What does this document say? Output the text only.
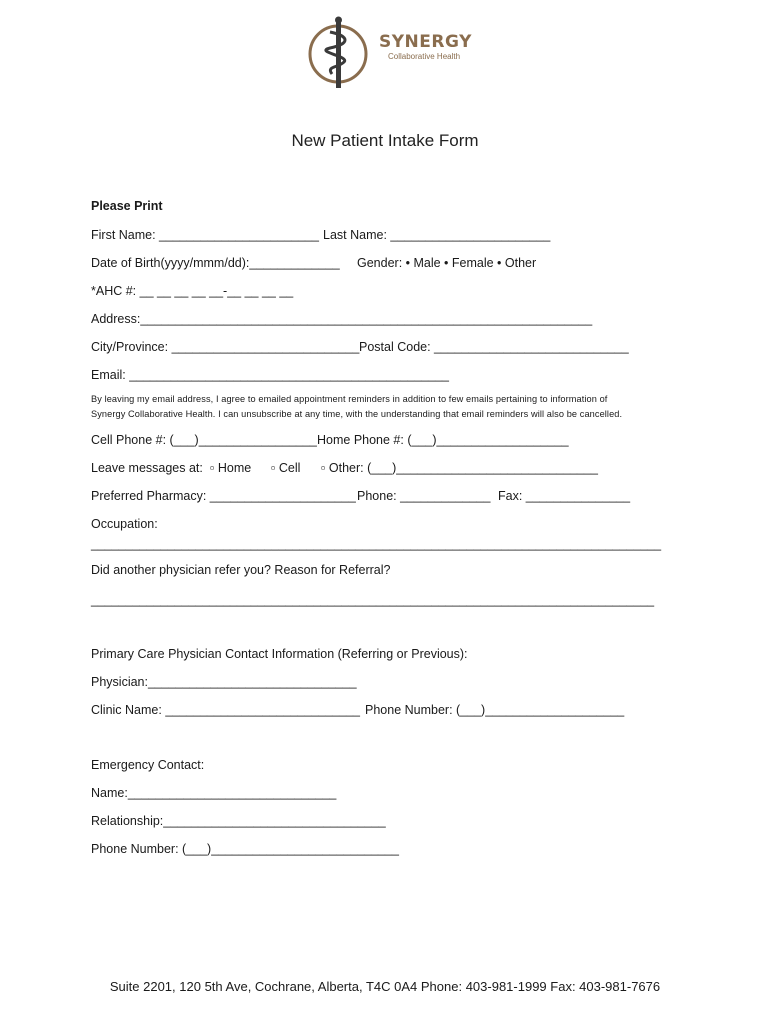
SYNERGY
Collaborative Health
New Patient Intake Form
Please Print
First Name: _______________________ Last Name: _______________________
Date of Birth(yyyy/mmm/dd):_____________ Gender: • Male • Female • Other
*AHC #: __ __ __ __ __-__ __ __ __
Address:_________________________________________________________________
City/Province: ___________________________ Postal Code: ____________________________
Email: ______________________________________________
By leaving my email address, I agree to emailed appointment reminders in addition to few emails pertaining to information of
Synergy Collaborative Health. I can unsubscribe at any time, with the understanding that email reminders will also be cancelled.
Cell Phone #: (___)_________________ Home Phone #: (___)___________________
Leave messages at: ▫ Home ▫ Cell ▫ Other: (___)_____________________________
Preferred Pharmacy: _____________________ Phone: _____________ Fax: _______________
Occupation:
__________________________________________________________________________________
Did another physician refer you? Reason for Referral?
_________________________________________________________________________________
Primary Care Physician Contact Information (Referring or Previous):
Physician:______________________________
Clinic Name: ____________________________ Phone Number: (___)____________________
Emergency Contact:
Name:______________________________
Relationship:________________________________
Phone Number: (___)___________________________
Suite 2201, 120 5th Ave, Cochrane, Alberta, T4C 0A4 Phone: 403-981-1999 Fax: 403-981-7676
